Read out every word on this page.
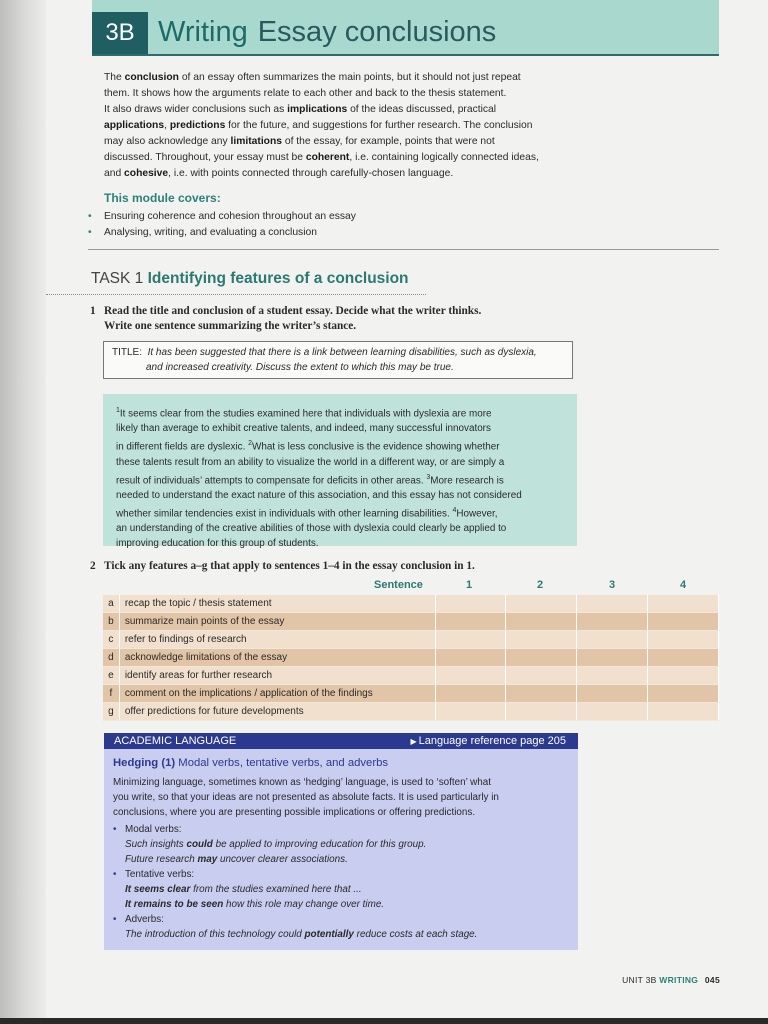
3B Writing Essay conclusions
The conclusion of an essay often summarizes the main points, but it should not just repeat
them. It shows how the arguments relate to each other and back to the thesis statement.
It also draws wider conclusions such as implications of the ideas discussed, practical
applications, predictions for the future, and suggestions for further research. The conclusion
may also acknowledge any limitations of the essay, for example, points that were not
discussed. Throughout, your essay must be coherent, i.e. containing logically connected ideas,
and cohesive, i.e. with points connected through carefully-chosen language.
This module covers:
• Ensuring coherence and cohesion throughout an essay
• Analysing, writing, and evaluating a conclusion
TASK 1 Identifying features of a conclusion
1 Read the title and conclusion of a student essay. Decide what the writer thinks.
Write one sentence summarizing the writer’s stance.
TITLE: It has been suggested that there is a link between learning disabilities, such as dyslexia,
and increased creativity. Discuss the extent to which this may be true.
$^1$It seems clear from the studies examined here that individuals with dyslexia are more
likely than average to exhibit creative talents, and indeed, many successful innovators
in different fields are dyslexic. $^2$What is less conclusive is the evidence showing whether
these talents result from an ability to visualize the world in a different way, or are simply a
result of individuals’ attempts to compensate for deficits in other areas. $^3$More research is
needed to understand the exact nature of this association, and this essay has not considered
whether similar tendencies exist in individuals with other learning disabilities. $^4$However,
an understanding of the creative abilities of those with dyslexia could clearly be applied to
improving education for this group of students.
2 Tick any features a–g that apply to sentences 1–4 in the essay conclusion in 1.
Sentence	1	2	3	4
a	recap the topic / thesis statement				
b	summarize main points of the essay				
c	refer to findings of research				
d	acknowledge limitations of the essay				
e	identify areas for further research				
f	comment on the implications / application of the findings				
g	offer predictions for future developments				
ACADEMIC LANGUAGE	▶ Language reference page 205
Hedging (1) Modal verbs, tentative verbs, and adverbs
Minimizing language, sometimes known as ‘hedging’ language, is used to ‘soften’ what
you write, so that your ideas are not presented as absolute facts. It is used particularly in
conclusions, where you are presenting possible implications or offering predictions.
• Modal verbs:
Such insights could be applied to improving education for this group.
Future research may uncover clearer associations.
• Tentative verbs:
It seems clear from the studies examined here that ...
It remains to be seen how this role may change over time.
• Adverbs:
The introduction of this technology could potentially reduce costs at each stage.
UNIT 3B WRITING 045
